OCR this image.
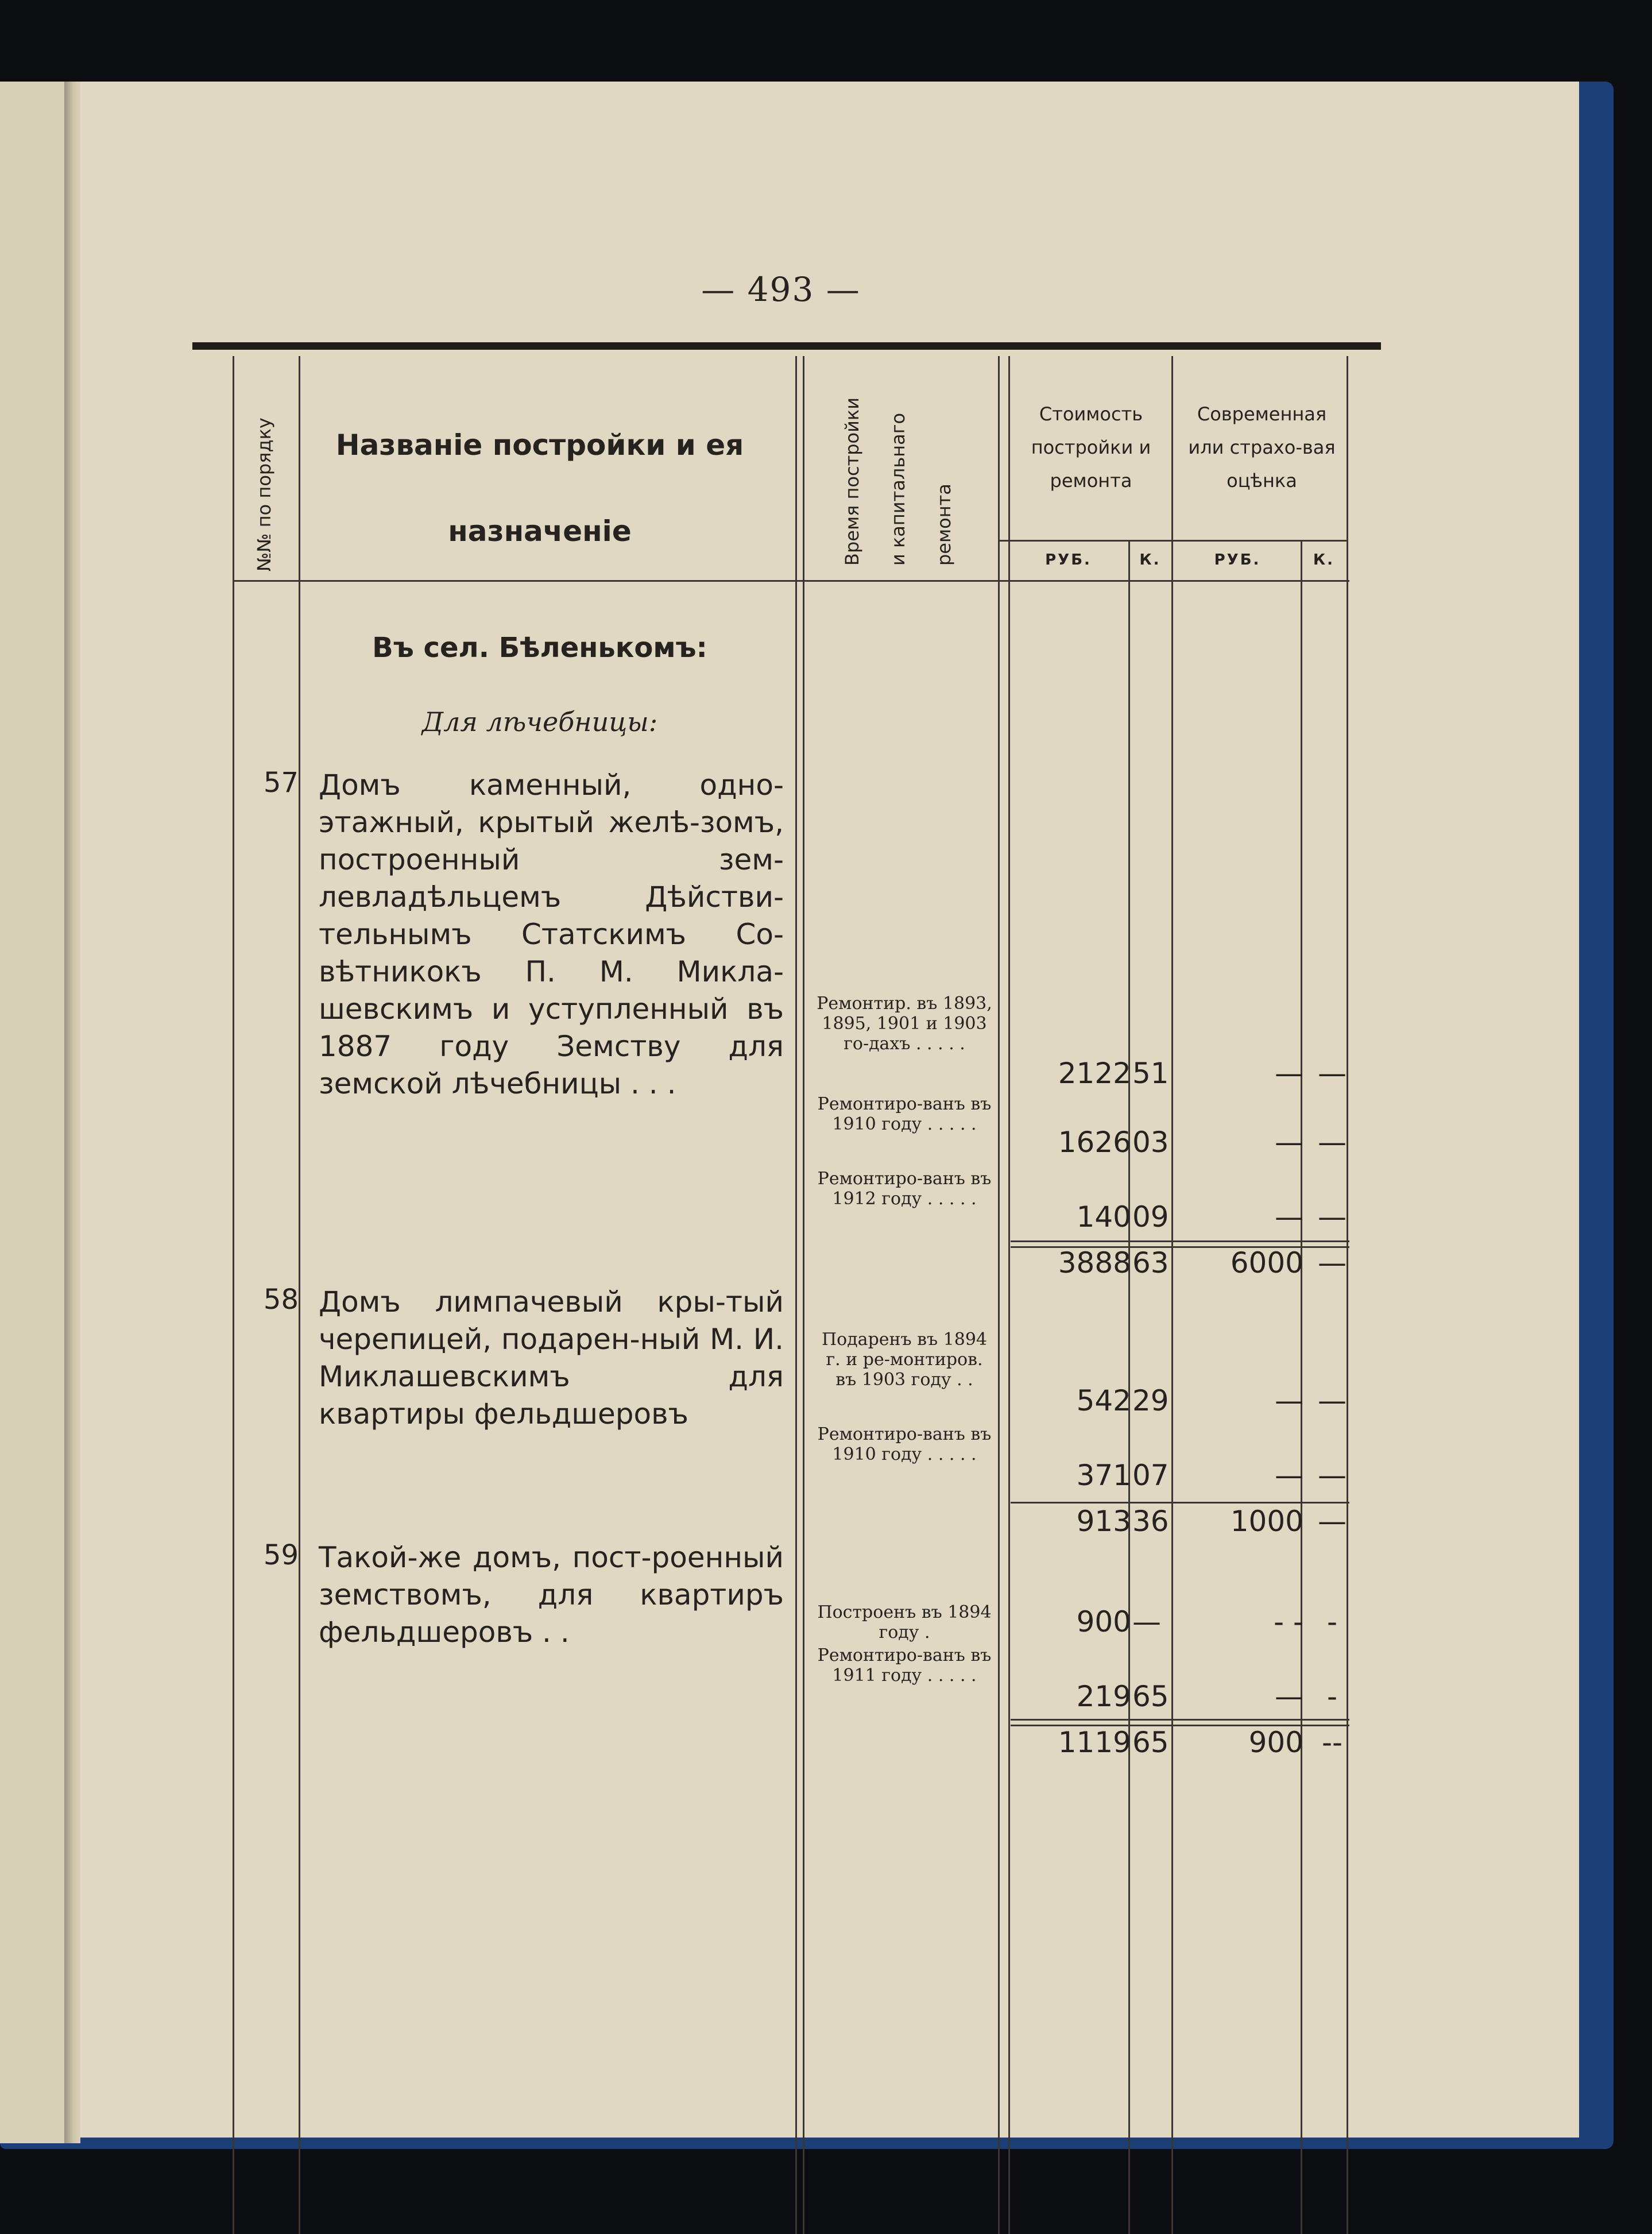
— 493 —
№№ по порядку	Названiе постройки и ея назначенiе	Время постройки	и капитальнаго	ремонта
Стоимость постройки и ремонта
Современная или страхо-вая оцѣнка
РУБ.	К.	РУБ.	К.
Въ сел. Бѣленькомъ:
Для лѣчебницы:
57 Домъ каменный, одно-этажный, крытый желѣ-зомъ, построенный зем-левладѣльцемъ Дѣйстви-тельнымъ Статскимъ Со-вѣтникокъ П. М. Микла-шевскимъ и уступленный въ 1887 году Земству для земской лѣчебницы . . .
Ремонтир. въ 1893, 1895, 1901 и 1903 го-дахъ . . . . .
2122 51	— —
Ремонтиро-ванъ въ 1910 году . . . . .
1626 03	— —
Ремонтиро-ванъ въ 1912 году . . . . .
140 09	— —
3888 63	6000 —
58 Домъ лимпачевый кры-тый черепицей, подарен-ный М. И. Миклашевскимъ для квартиры фельдшеровъ
Подаренъ въ 1894 г. и ре-монтиров. въ 1903 году . .
542 29	— —
Ремонтиро-ванъ въ 1910 году . . . . .
371 07	— —
913 36	1000 —
59 Такой-же домъ, пост-роенный земствомъ, для квартиръ фельдшеровъ . .
Построенъ въ 1894 году .	900 —	- - -
Ремонтиро-ванъ въ 1911 году . . . . .
219 65	— -
1119 65	900 --
